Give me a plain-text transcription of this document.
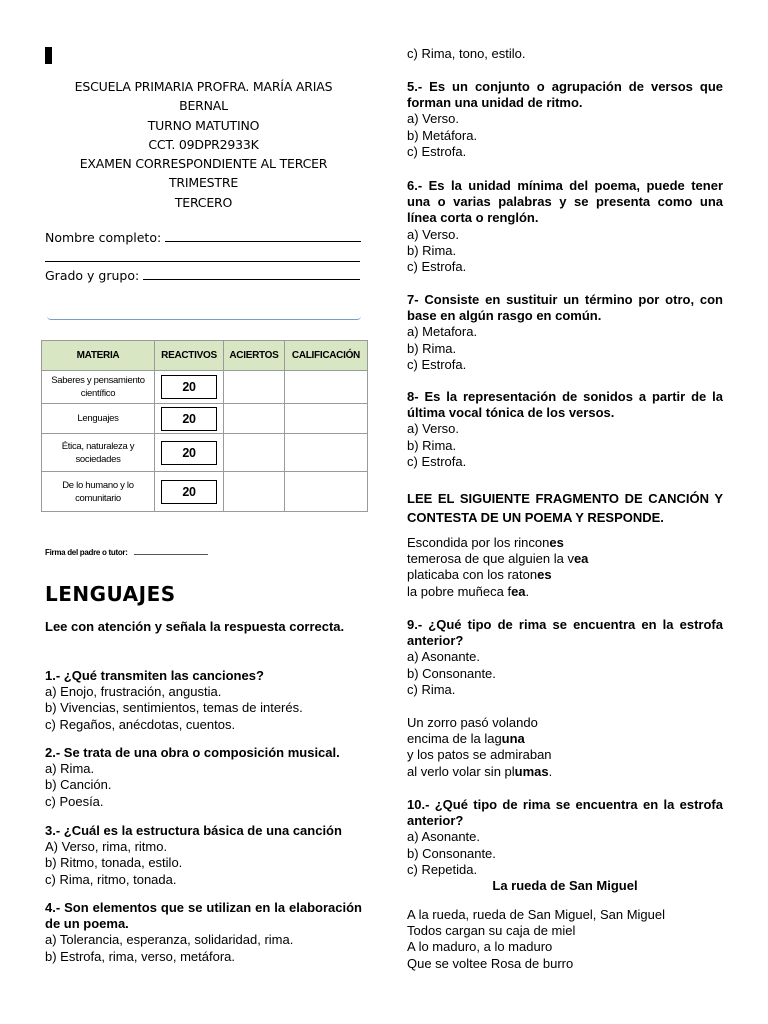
ESCUELA PRIMARIA PROFRA. MARÍA ARIAS
BERNAL
TURNO MATUTINO
CCT. 09DPR2933K
EXAMEN CORRESPONDIENTE AL TERCER
TRIMESTRE
TERCERO
Nombre completo:
Grado y grupo:
MATERIA	REACTIVOS	ACIERTOS	CALIFICACIÓN
Saberes y pensamiento científico	20		
Lenguajes	20		
Ética, naturaleza y sociedades	20		
De lo humano y lo comunitario	20		
Firma del padre o tutor:
LENGUAJES
Lee con atención y señala la respuesta correcta.
1.- ¿Qué transmiten las canciones?
a) Enojo, frustración, angustia.
b) Vivencias, sentimientos, temas de interés.
c) Regaños, anécdotas, cuentos.
2.- Se trata de una obra o composición musical.
a) Rima.
b) Canción.
c) Poesía.
3.- ¿Cuál es la estructura básica de una canción
A) Verso, rima, ritmo.
b) Ritmo, tonada, estilo.
c) Rima, ritmo, tonada.
4.- Son elementos que se utilizan en la elaboración de un poema.
a) Tolerancia, esperanza, solidaridad, rima.
b) Estrofa, rima, verso, metáfora.
c) Rima, tono, estilo.
5.- Es un conjunto o agrupación de versos que forman una unidad de ritmo.
a) Verso.
b) Metáfora.
c) Estrofa.
6.- Es la unidad mínima del poema, puede tener una o varias palabras y se presenta como una línea corta o renglón.
a) Verso.
b) Rima.
c) Estrofa.
7- Consiste en sustituir un término por otro, con base en algún rasgo en común.
a) Metafora.
b) Rima.
c) Estrofa.
8- Es la representación de sonidos a partir de la última vocal tónica de los versos.
a) Verso.
b) Rima.
c) Estrofa.
LEE EL SIGUIENTE FRAGMENTO DE CANCIÓN Y CONTESTA DE UN POEMA Y RESPONDE.
Escondida por los rincones
temerosa de que alguien la vea
platicaba con los ratones
la pobre muñeca fea.
9.- ¿Qué tipo de rima se encuentra en la estrofa anterior?
a) Asonante.
b) Consonante.
c) Rima.
Un zorro pasó volando
encima de la laguna
y los patos se admiraban
al verlo volar sin plumas.
10.- ¿Qué tipo de rima se encuentra en la estrofa anterior?
a) Asonante.
b) Consonante.
c) Repetida.
La rueda de San Miguel
A la rueda, rueda de San Miguel, San Miguel
Todos cargan su caja de miel
A lo maduro, a lo maduro
Que se voltee Rosa de burro
